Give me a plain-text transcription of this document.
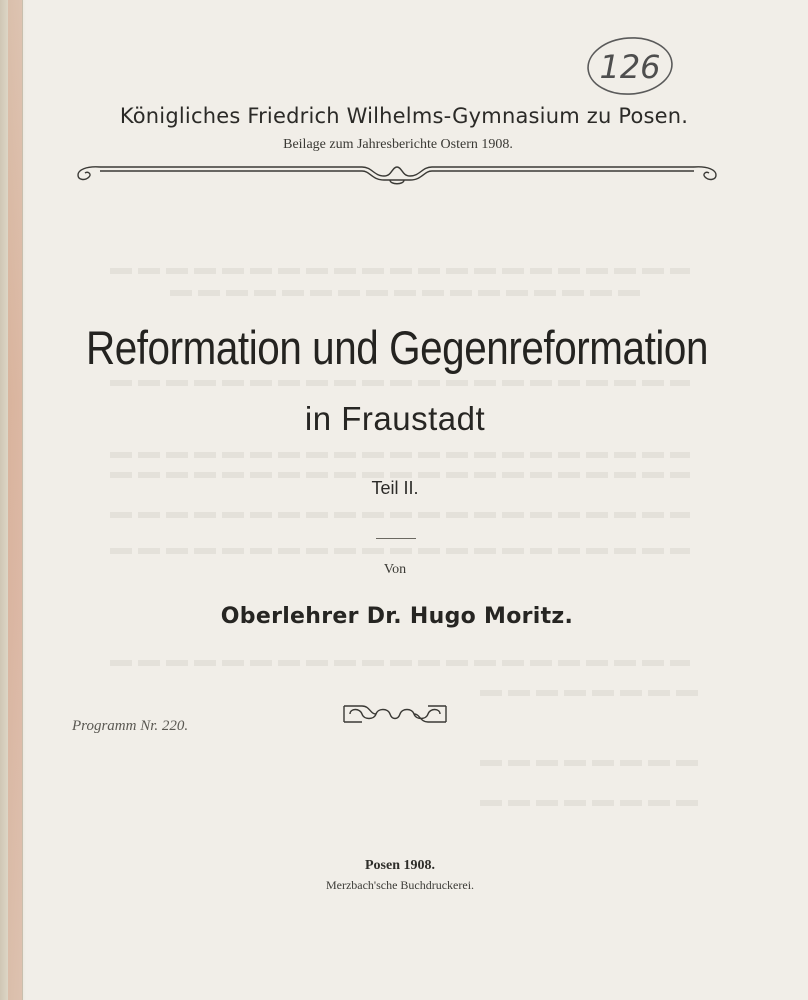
126
Königliches Friedrich Wilhelms-Gymnasium zu Posen.
Beilage zum Jahresberichte Ostern 1908.
Reformation und Gegenreformation
in Fraustadt
Teil II.
Von
Oberlehrer Dr. Hugo Moritz.
Programm Nr. 220.
Posen 1908.
Merzbach'sche Buchdruckerei.
